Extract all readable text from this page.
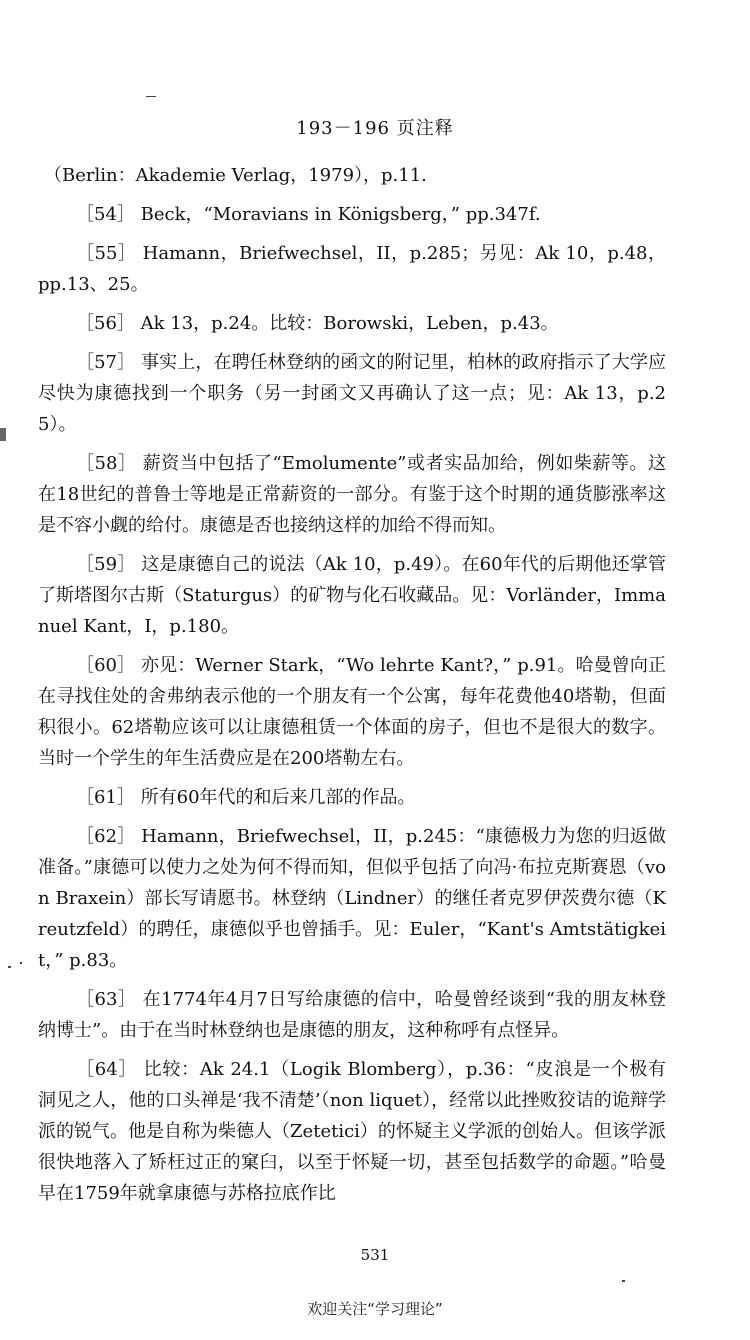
193－196 页注释

（Berlin：Akademie Verlag，1979），p.11.

［54］ Beck，“Moravians in Königsberg，” pp.347f.

［55］ Hamann，Briefwechsel，II，p.285；另见：Ak 10，p.48，pp.13、25。

［56］ Ak 13，p.24。比较：Borowski，Leben，p.43。

［57］ 事实上，在聘任林登纳的函文的附记里，柏林的政府指示了大学应尽快为康德找到一个职务（另一封函文又再确认了这一点；见：Ak 13，p.25）。

［58］ 薪资当中包括了“Emolumente”或者实品加给，例如柴薪等。这在18世纪的普鲁士等地是正常薪资的一部分。有鉴于这个时期的通货膨涨率这是不容小觑的给付。康德是否也接纳这样的加给不得而知。

［59］ 这是康德自己的说法（Ak 10，p.49）。在60年代的后期他还掌管了斯塔图尔古斯（Staturgus）的矿物与化石收藏品。见：Vorländer，Immanuel Kant，I，p.180。

［60］ 亦见：Werner Stark，“Wo lehrte Kant?，” p.91。哈曼曾向正在寻找住处的舍弗纳表示他的一个朋友有一个公寓，每年花费他40塔勒，但面积很小。62塔勒应该可以让康德租赁一个体面的房子，但也不是很大的数字。当时一个学生的年生活费应是在200塔勒左右。

［61］ 所有60年代的和后来几部的作品。

［62］ Hamann，Briefwechsel，II，p.245：“康德极力为您的归返做准备。”康德可以使力之处为何不得而知，但似乎包括了向冯·布拉克斯赛恩（von Braxein）部长写请愿书。林登纳（Lindner）的继任者克罗伊茨费尔德（Kreutzfeld）的聘任，康德似乎也曾插手。见：Euler，“Kant's Amtstätigkeit，” p.83。

［63］ 在1774年4月7日写给康德的信中，哈曼曾经谈到“我的朋友林登纳博士”。由于在当时林登纳也是康德的朋友，这种称呼有点怪异。

［64］ 比较：Ak 24.1（Logik Blomberg），p.36：“皮浪是一个极有洞见之人，他的口头禅是‘我不清楚’（non liquet），经常以此挫败狡诘的诡辩学派的锐气。他是自称为柴德人（Zetetici）的怀疑主义学派的创始人。但该学派很快地落入了矫枉过正的窠臼，以至于怀疑一切，甚至包括数学的命题。”哈曼早在1759年就拿康德与苏格拉底作比

531
欢迎关注“学习理论”
